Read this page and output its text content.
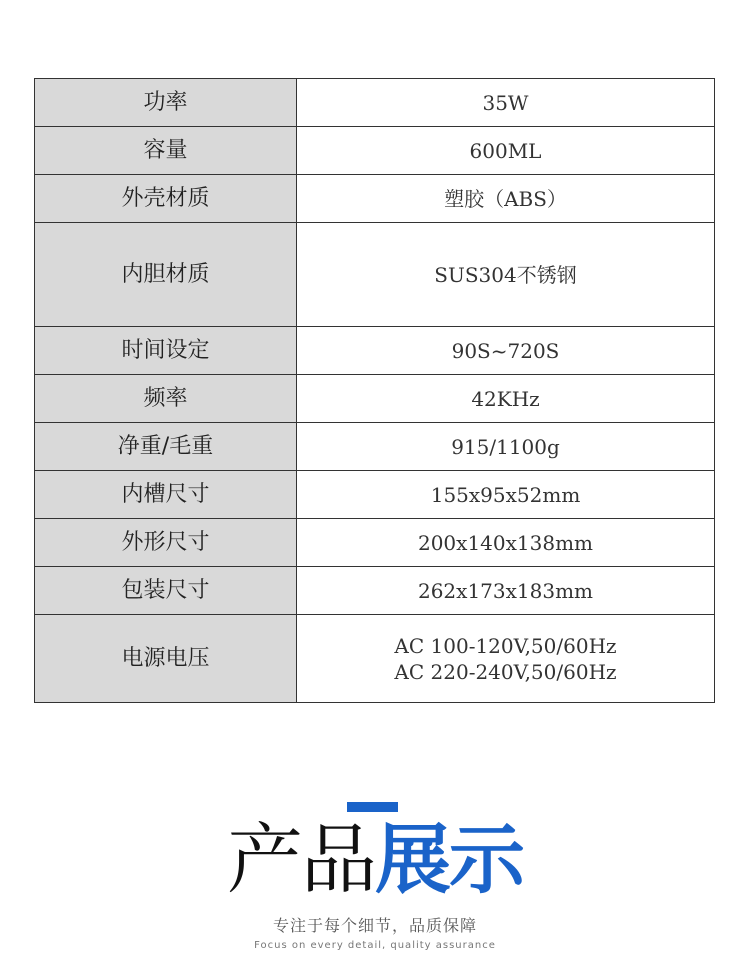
功率	35W

容量	600ML

外壳材质	塑胶（ABS）

内胆材质	SUS304不锈钢

时间设定	90S~720S

频率	42KHz

净重/毛重	915/1100g

内槽尺寸	155x95x52mm

外形尺寸	200x140x138mm

包装尺寸	262x173x183mm

电源电压	AC 100-120V,50/60Hz
AC 220-240V,50/60Hz
产品展示
专注于每个细节，品质保障
Focus on every detail, quality assurance
